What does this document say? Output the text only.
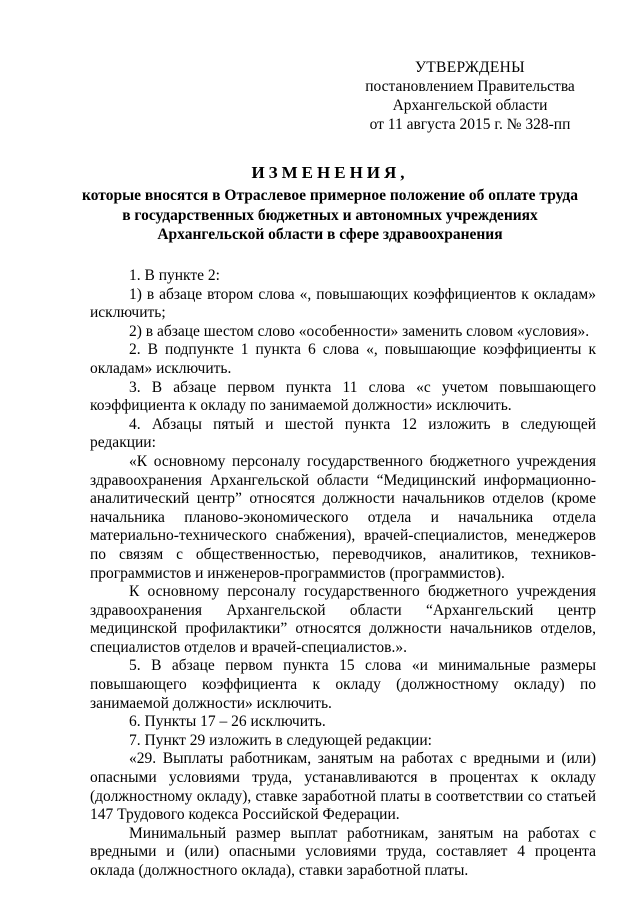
УТВЕРЖДЕНЫ
постановлением Правительства
Архангельской области
от 11 августа 2015 г. № 328-пп
ИЗМЕНЕНИЯ,
которые вносятся в Отраслевое примерное положение об оплате труда
в государственных бюджетных и автономных учреждениях
Архангельской области в сфере здравоохранения

1. В пункте 2:

1) в абзаце втором слова «, повышающих коэффициентов к окладам» исключить;

2) в абзаце шестом слово «особенности» заменить словом «условия».

2. В подпункте 1 пункта 6 слова «, повышающие коэффициенты к окладам» исключить.

3. В абзаце первом пункта 11 слова «с учетом повышающего коэффициента к окладу по занимаемой должности» исключить.

4. Абзацы пятый и шестой пункта 12 изложить в следующей редакции:

«К основному персоналу государственного бюджетного учреждения здравоохранения Архангельской области “Медицинский информационно-аналитический центр” относятся должности начальников отделов (кроме начальника планово-экономического отдела и начальника отдела материально-технического снабжения), врачей-специалистов, менеджеров по связям с общественностью, переводчиков, аналитиков, техников-программистов и инженеров-программистов (программистов).

К основному персоналу государственного бюджетного учреждения здравоохранения Архангельской области “Архангельский центр медицинской профилактики” относятся должности начальников отделов, специалистов отделов и врачей-специалистов.».

5. В абзаце первом пункта 15 слова «и минимальные размеры повышающего коэффициента к окладу (должностному окладу) по занимаемой должности» исключить.

6. Пункты 17 – 26 исключить.

7. Пункт 29 изложить в следующей редакции:

«29. Выплаты работникам, занятым на работах с вредными и (или) опасными условиями труда, устанавливаются в процентах к окладу (должностному окладу), ставке заработной платы в соответствии со статьей 147 Трудового кодекса Российской Федерации.

Минимальный размер выплат работникам, занятым на работах с вредными и (или) опасными условиями труда, составляет 4 процента оклада (должностного оклада), ставки заработной платы.
